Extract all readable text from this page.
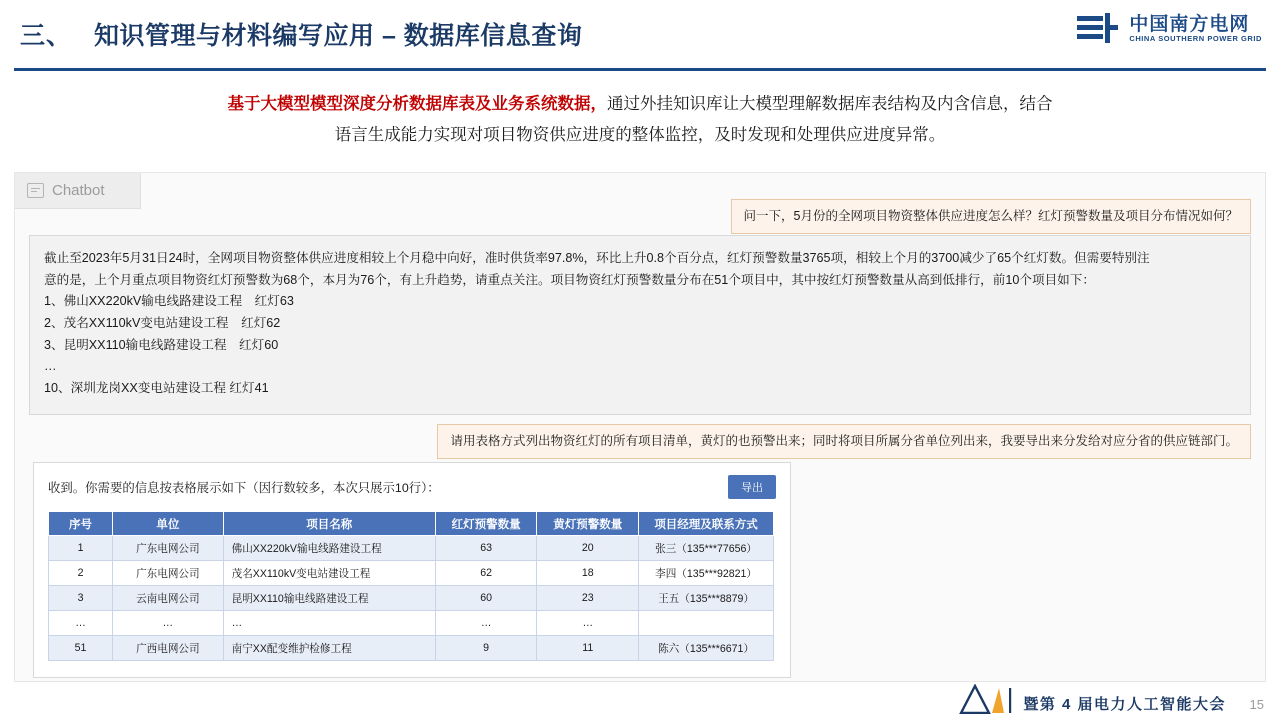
三、 知识管理与材料编写应用 – 数据库信息查询	中国南方电网
CHINA SOUTHERN POWER GRID
基于大模型模型深度分析数据库表及业务系统数据，通过外挂知识库让大模型理解数据库表结构及内含信息，结合
语言生成能力实现对项目物资供应进度的整体监控，及时发现和处理供应进度异常。
Chatbot
问一下，5月份的全网项目物资整体供应进度怎么样？红灯预警数量及项目分布情况如何？
截止至2023年5月31日24时，全网项目物资整体供应进度相较上个月稳中向好，准时供货率97.8%，环比上升0.8个百分点，红灯预警数量3765项，相较上个月的3700减少了65个红灯数。但需要特别注
意的是，上个月重点项目物资红灯预警数为68个，本月为76个，有上升趋势，请重点关注。项目物资红灯预警数量分布在51个项目中，其中按红灯预警数量从高到低排行，前10个项目如下：
1、佛山XX220kV输电线路建设工程　红灯63
2、茂名XX110kV变电站建设工程　红灯62
3、昆明XX110输电线路建设工程　红灯60
…
10、深圳龙岗XX变电站建设工程 红灯41
请用表格方式列出物资红灯的所有项目清单，黄灯的也预警出来；同时将项目所属分省单位列出来，我要导出来分发给对应分省的供应链部门。
收到。你需要的信息按表格展示如下（因行数较多，本次只展示10行）：	导出
序号	单位	项目名称	红灯预警数量	黄灯预警数量	项目经理及联系方式
1	广东电网公司	佛山XX220kV输电线路建设工程	63	20	张三（135***77656）
2	广东电网公司	茂名XX110kV变电站建设工程	62	18	李四（135***92821）
3	云南电网公司	昆明XX110输电线路建设工程	60	23	王五（135***8879）
…	…	…	…	…	
51	广西电网公司	南宁XX配变维护检修工程	9	11	陈六（135***6671）
暨第 4 届电力人工智能大会 15
